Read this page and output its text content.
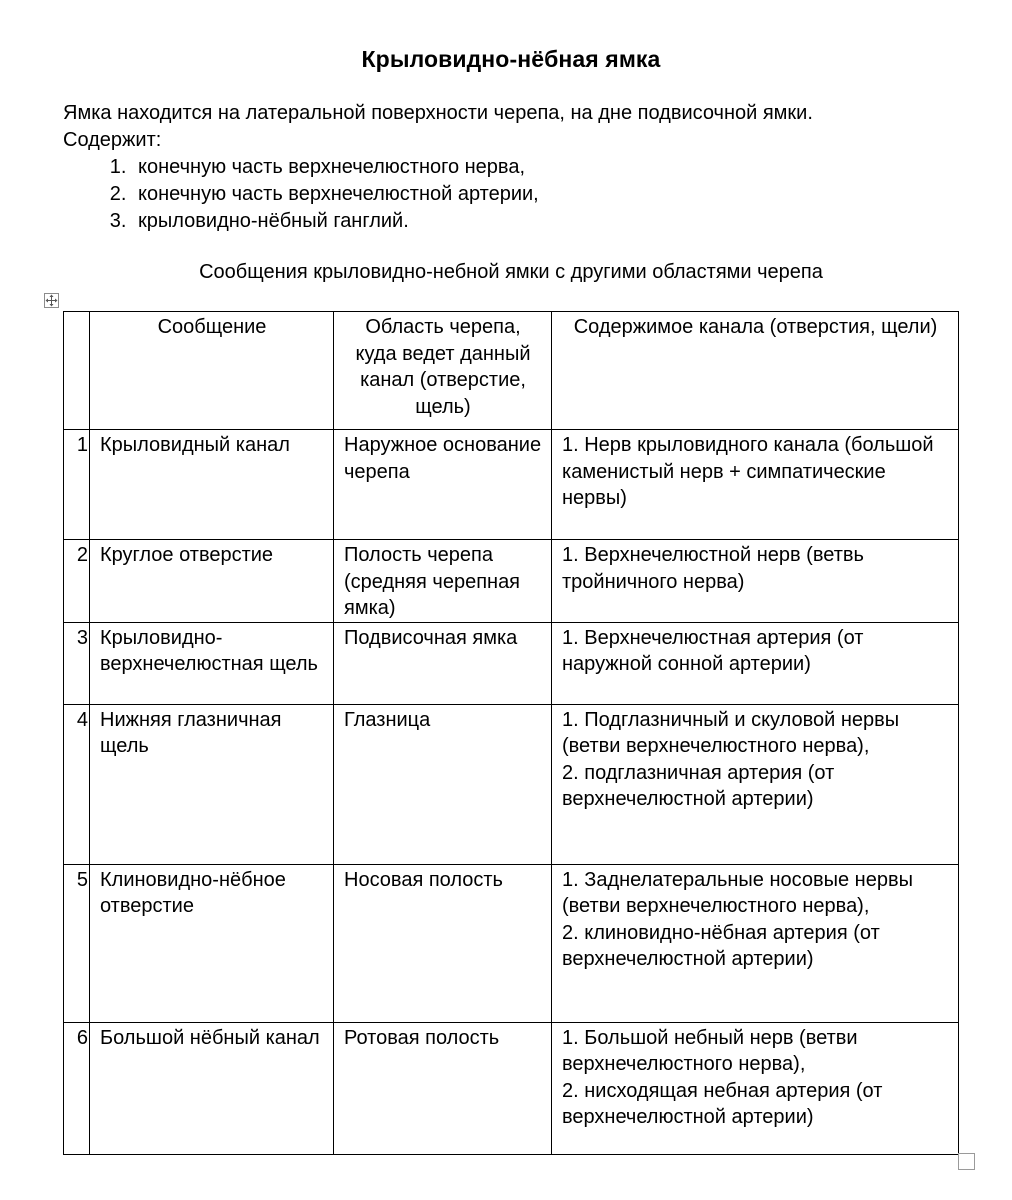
Крыловидно-нёбная ямка

Ямка находится на латеральной поверхности черепа, на дне подвисочной ямки.

Содержит:

1. конечную часть верхнечелюстного нерва,
2. конечную часть верхнечелюстной артерии,
3. крыловидно-нёбный ганглий.
Сообщения крыловидно-небной ямки с другими областями черепа
	Сообщение	Область черепа, куда ведет данный канал (отверстие, щель)	Содержимое канала (отверстия, щели)
1	Крыловидный канал	Наружное основание черепа	1. Нерв крыловидного канала (большой каменистый нерв + симпатические нервы)

2	Круглое отверстие	Полость черепа (средняя черепная ямка)	1. Верхнечелюстной нерв (ветвь тройничного нерва)

3	Крыловидно-верхнечелюстная щель	Подвисочная ямка	1. Верхнечелюстная артерия (от наружной сонной артерии)

4	Нижняя глазничная щель	Глазница	1. Подглазничный и скуловой нервы (ветви верхнечелюстного нерва),
2. подглазничная артерия (от верхнечелюстной артерии)

5	Клиновидно-нёбное отверстие	Носовая полость	1. Заднелатеральные носовые нервы (ветви верхнечелюстного нерва),
2. клиновидно-нёбная артерия (от верхнечелюстной артерии)

6	Большой нёбный канал	Ротовая полость	1. Большой небный нерв (ветви верхнечелюстного нерва),
2. нисходящая небная артерия (от верхнечелюстной артерии)
